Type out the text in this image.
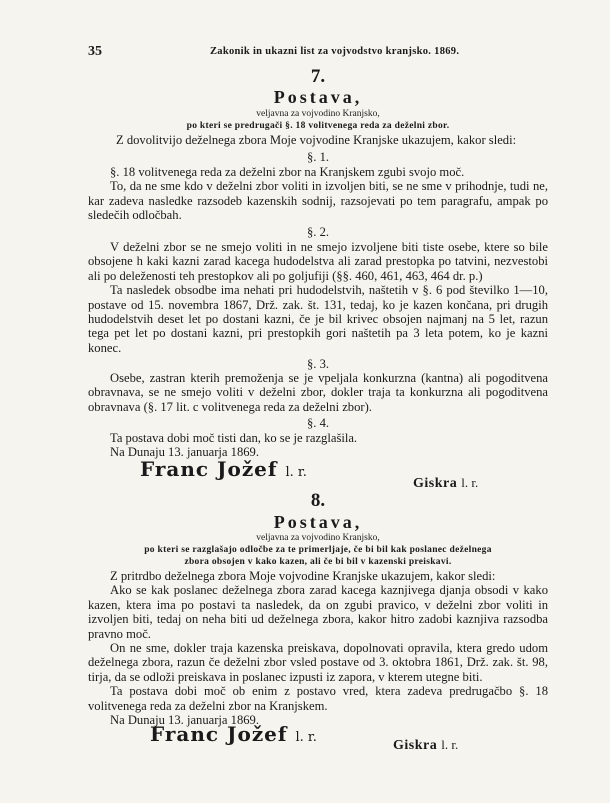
35	Zakonik in ukazni list za vojvodstvo kranjsko. 1869.
7.
Postava,
veljavna za vojvodino Kranjsko,
po kteri se predrugači §. 18 volitvenega reda za deželni zbor.
Z dovolitvijo deželnega zbora Moje vojvodine Kranjske ukazujem, kakor sledi:
§. 1.

§. 18 volitvenega reda za deželni zbor na Kranjskem zgubi svojo moč.

To, da ne sme kdo v deželni zbor voliti in izvoljen biti, se ne sme v prihodnje, tudi ne, kar zadeva nasledke razsodeb kazenskih sodnij, razsojevati po tem paragrafu, ampak po sledečih odločbah.

§. 2.

V deželni zbor se ne smejo voliti in ne smejo izvoljene biti tiste osebe, ktere so bile obsojene h kaki kazni zarad kacega hudodelstva ali zarad prestopka po tatvini, nezvestobi ali po deleženosti teh prestopkov ali po goljufiji (§§. 460, 461, 463, 464 dr. p.)

Ta nasledek obsodbe ima nehati pri hudodelstvih, naštetih v §. 6 pod številko 1—10, postave od 15. novembra 1867, Drž. zak. št. 131, tedaj, ko je kazen končana, pri drugih hudodelstvih deset let po dostani kazni, če je bil krivec obsojen najmanj na 5 let, razun tega pet let po dostani kazni, pri prestopkih gori naštetih pa 3 leta potem, ko je kazni konec.

§. 3.

Osebe, zastran kterih premoženja se je vpeljala konkurzna (kantna) ali pogoditvena obravnava, se ne smejo voliti v deželni zbor, dokler traja ta konkurzna ali pogoditvena obravnava (§. 17 lit. c volitvenega reda za deželni zbor).

§. 4.

Ta postava dobi moč tisti dan, ko se je razglašila.

Na Dunaju 13. januarja 1869.

Franc Jožef l. r.
Giskra l. r.
8.
Postava,
veljavna za vojvodino Kranjsko,
po kteri se razglašajo odločbe za te primerljaje, če bi bil kak poslanec deželnega
zbora obsojen v kako kazen, ali če bi bil v kazenski preiskavi.

Z pritrdbo deželnega zbora Moje vojvodine Kranjske ukazujem, kakor sledi:

Ako se kak poslanec deželnega zbora zarad kacega kaznjivega djanja obsodi v kako kazen, ktera ima po postavi ta nasledek, da on zgubi pravico, v deželni zbor voliti in izvoljen biti, tedaj on neha biti ud deželnega zbora, kakor hitro zadobi kaznjiva razsodba pravno moč.

On ne sme, dokler traja kazenska preiskava, dopolnovati opravila, ktera gredo udom deželnega zbora, razun če deželni zbor vsled postave od 3. oktobra 1861, Drž. zak. št. 98, tirja, da se odloži preiskava in poslanec izpusti iz zapora, v kterem utegne biti.

Ta postava dobi moč ob enim z postavo vred, ktera zadeva predrugačbo §. 18 volitvenega reda za deželni zbor na Kranjskem.

Na Dunaju 13. januarja 1869.

Franc Jožef l. r.
Giskra l. r.
